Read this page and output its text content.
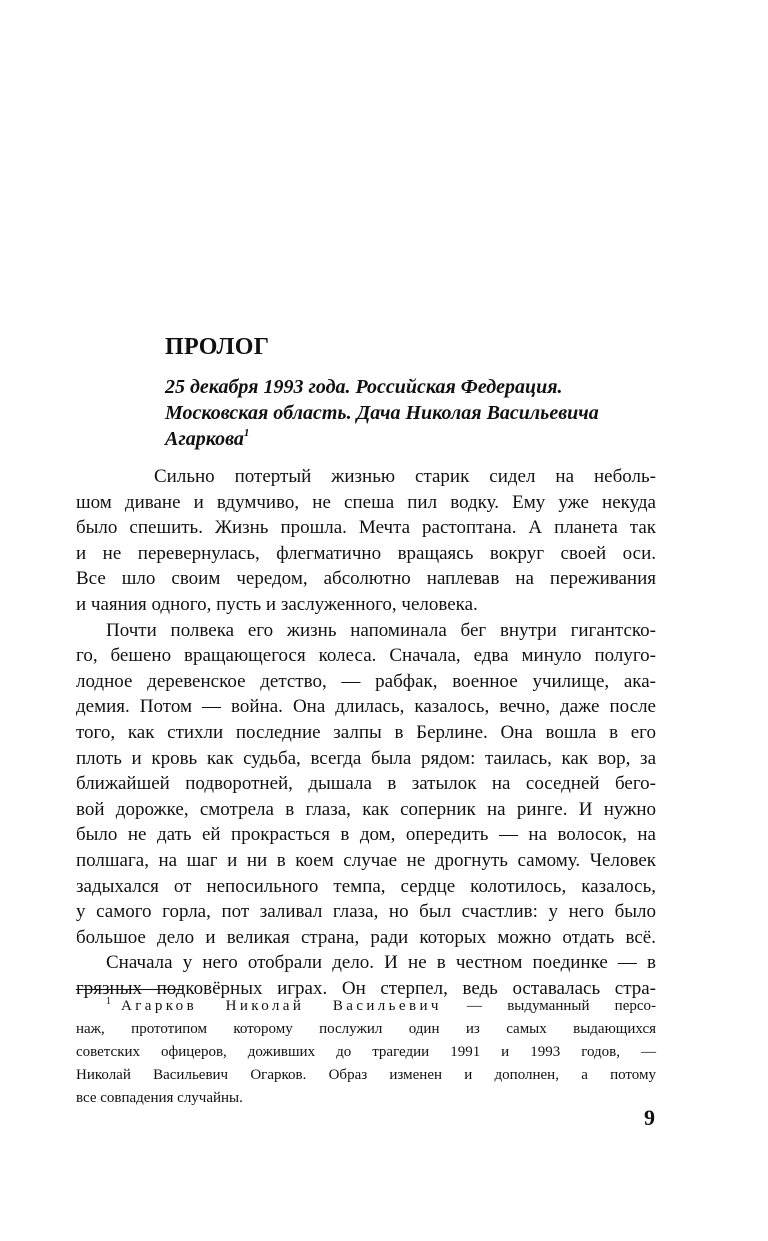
ПРОЛОГ
25 декабря 1993 года. Российская Федерация.
Московская область. Дача Николая Васильевича
Агаркова$^1$
Сильно потертый жизнью старик сидел на неболь-
шом диване и вдумчиво, не спеша пил водку. Ему уже некуда
было спешить. Жизнь прошла. Мечта растоптана. А планета так
и не перевернулась, флегматично вращаясь вокруг своей оси.
Все шло своим чередом, абсолютно наплевав на переживания
и чаяния одного, пусть и заслуженного, человека.
Почти полвека его жизнь напоминала бег внутри гигантско-
го, бешено вращающегося колеса. Сначала, едва минуло полуго-
лодное деревенское детство, — рабфак, военное училище, ака-
демия. Потом — война. Она длилась, казалось, вечно, даже после
того, как стихли последние залпы в Берлине. Она вошла в его
плоть и кровь как судьба, всегда была рядом: таилась, как вор, за
ближайшей подворотней, дышала в затылок на соседней бего-
вой дорожке, смотрела в глаза, как соперник на ринге. И нужно
было не дать ей прокрасться в дом, опередить — на волосок, на
полшага, на шаг и ни в коем случае не дрогнуть самому. Человек
задыхался от непосильного темпа, сердце колотилось, казалось,
у самого горла, пот заливал глаза, но был счастлив: у него было
большое дело и великая страна, ради которых можно отдать всё.
Сначала у него отобрали дело. И не в честном поединке — в
грязных подковёрных играх. Он стерпел, ведь оставалась стра-
$^1$ Агарков Николай Васильевич — выдуманный персо-
наж, прототипом которому послужил один из самых выдающихся
советских офицеров, доживших до трагедии 1991 и 1993 годов, —
Николай Васильевич Огарков. Образ изменен и дополнен, а потому
все совпадения случайны.
9
